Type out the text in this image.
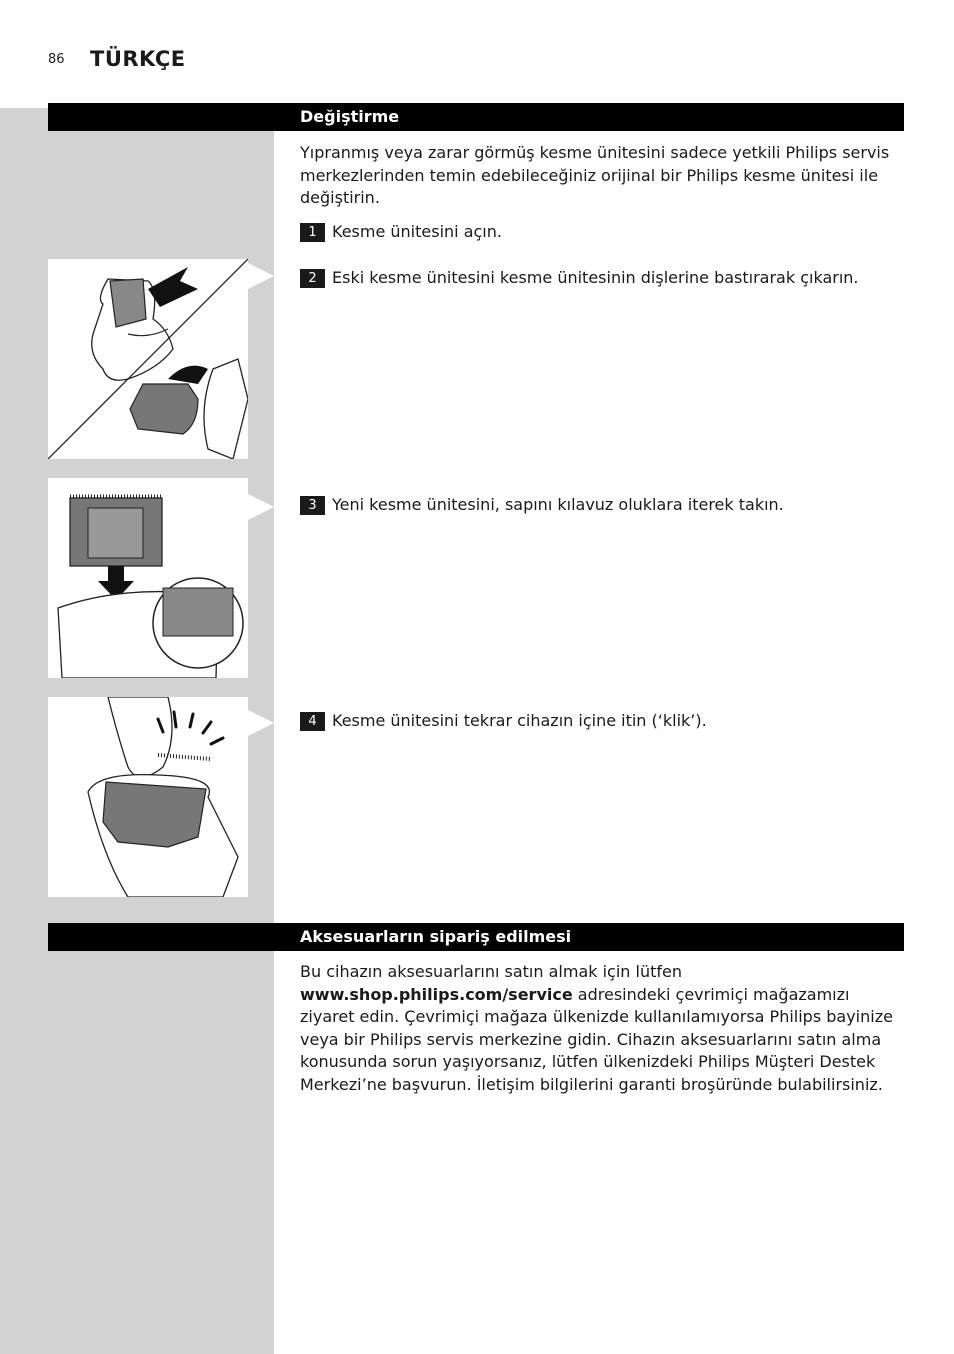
86 TÜRKÇE
Değiştirme
Yıpranmış veya zarar görmüş kesme ünitesini sadece yetkili Philips servis merkezlerinden temin edebileceğiniz orijinal bir Philips kesme ünitesi ile değiştirin.
1 Kesme ünitesini açın.
2 Eski kesme ünitesini kesme ünitesinin dişlerine bastırarak çıkarın.
3 Yeni kesme ünitesini, sapını kılavuz oluklara iterek takın.
4 Kesme ünitesini tekrar cihazın içine itin (‘klik’).
Aksesuarların sipariş edilmesi
Bu cihazın aksesuarlarını satın almak için lütfen www.shop.philips.com/service adresindeki çevrimiçi mağazamızı ziyaret edin. Çevrimiçi mağaza ülkenizde kullanılamıyorsa Philips bayinize veya bir Philips servis merkezine gidin. Cihazın aksesuarlarını satın alma konusunda sorun yaşıyorsanız, lütfen ülkenizdeki Philips Müşteri Destek Merkezi’ne başvurun. İletişim bilgilerini garanti broşüründe bulabilirsiniz.
